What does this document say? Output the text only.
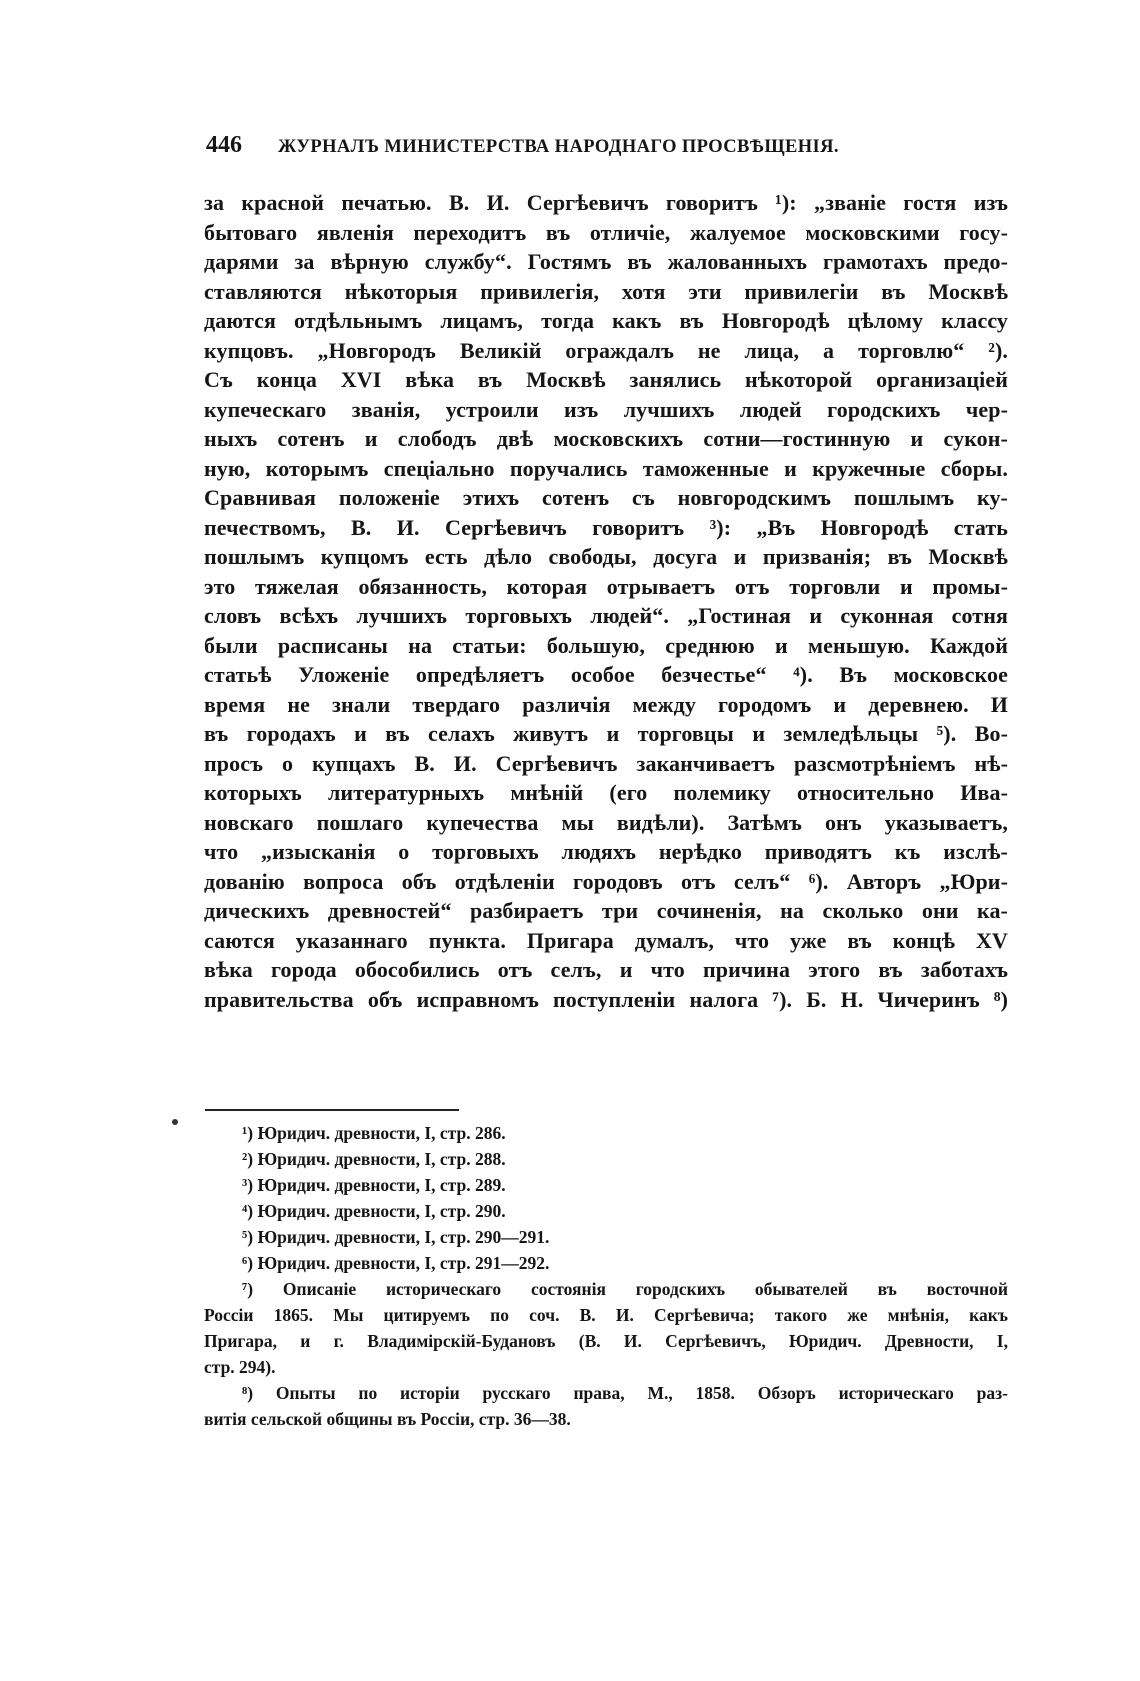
446 ЖУРНАЛЪ МИНИСТЕРСТВА НАРОДНАГО ПРОСВѢЩЕНІЯ.
за красной печатью. В. И. Сергѣевичъ говоритъ ¹): „званіе гостя изъ
бытоваго явленія переходитъ въ отличіе, жалуемое московскими госу-
дарями за вѣрную службу“. Гостямъ въ жалованныхъ грамотахъ предо-
ставляются нѣкоторыя привилегія, хотя эти привилегіи въ Москвѣ
даются отдѣльнымъ лицамъ, тогда какъ въ Новгородѣ цѣлому классу
купцовъ. „Новгородъ Великій ограждалъ не лица, а торговлю“ ²).
Съ конца XVI вѣка въ Москвѣ занялись нѣкоторой организаціей
купеческаго званія, устроили изъ лучшихъ людей городскихъ чер-
ныхъ сотенъ и слободъ двѣ московскихъ сотни—гостинную и сукон-
ную, которымъ спеціально поручались таможенные и кружечные сборы.
Сравнивая положеніе этихъ сотенъ съ новгородскимъ пошлымъ ку-
печествомъ, В. И. Сергѣевичъ говоритъ ³): „Въ Новгородѣ стать
пошлымъ купцомъ есть дѣло свободы, досуга и призванія; въ Москвѣ
это тяжелая обязанность, которая отрываетъ отъ торговли и промы-
словъ всѣхъ лучшихъ торговыхъ людей“. „Гостиная и суконная сотня
были расписаны на статьи: большую, среднюю и меньшую. Каждой
статьѣ Уложеніе опредѣляетъ особое безчестье“ ⁴). Въ московское
время не знали твердаго различія между городомъ и деревнею. И
въ городахъ и въ селахъ живутъ и торговцы и земледѣльцы ⁵). Во-
просъ о купцахъ В. И. Сергѣевичъ заканчиваетъ разсмотрѣніемъ нѣ-
которыхъ литературныхъ мнѣній (его полемику относительно Ива-
новскаго пошлаго купечества мы видѣли). Затѣмъ онъ указываетъ,
что „изысканія о торговыхъ людяхъ нерѣдко приводятъ къ изслѣ-
дованію вопроса объ отдѣленіи городовъ отъ селъ“ ⁶). Авторъ „Юри-
дическихъ древностей“ разбираетъ три сочиненія, на сколько они ка-
саются указаннаго пункта. Пригара думалъ, что уже въ концѣ XV
вѣка города обособились отъ селъ, и что причина этого въ заботахъ
правительства объ исправномъ поступленіи налога ⁷). Б. Н. Чичеринъ ⁸)
¹) Юридич. древности, I, стр. 286.
²) Юридич. древности, I, стр. 288.
³) Юридич. древности, I, стр. 289.
⁴) Юридич. древности, I, стр. 290.
⁵) Юридич. древности, I, стр. 290—291.
⁶) Юридич. древности, I, стр. 291—292.
⁷) Описаніе историческаго состоянія городскихъ обывателей въ восточной
Россіи 1865. Мы цитируемъ по соч. В. И. Сергѣевича; такого же мнѣнія, какъ
Пригара, и г. Владимірскій-Будановъ (В. И. Сергѣевичъ, Юридич. Древности, I,
стр. 294).
⁸) Опыты по исторіи русскаго права, М., 1858. Обзоръ историческаго раз-
витія сельской общины въ Россіи, стр. 36—38.
